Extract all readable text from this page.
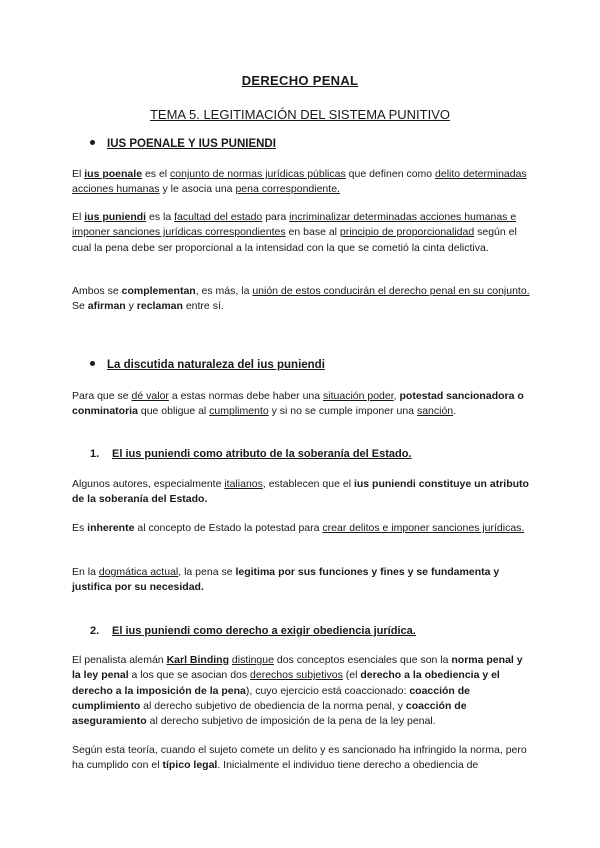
DERECHO PENAL
TEMA 5. LEGITIMACIÓN DEL SISTEMA PUNITIVO
IUS POENALE Y IUS PUNIENDI
El ius poenale es el conjunto de normas jurídicas públicas que definen como delito determinadas acciones humanas y le asocia una pena correspondiente.
El ius puniendi es la facultad del estado para incriminalizar determinadas acciones humanas e imponer sanciones jurídicas correspondientes en base al principio de proporcionalidad según el cual la pena debe ser proporcional a la intensidad con la que se cometió la cinta delictiva.
Ambos se complementan, es más, la unión de estos conducirán el derecho penal en su conjunto. Se afirman y reclaman entre sí.
La discutida naturaleza del ius puniendi
Para que se dé valor a estas normas debe haber una situación poder, potestad sancionadora o conminatoria que obligue al cumplimento y si no se cumple imponer una sanción.
1. El ius puniendi como atributo de la soberanía del Estado.
Algunos autores, especialmente italianos, establecen que el ius puniendi constituye un atributo de la soberanía del Estado.
Es inherente al concepto de Estado la potestad para crear delitos e imponer sanciones jurídicas.
En la dogmática actual, la pena se legitima por sus funciones y fines y se fundamenta y justifica por su necesidad.
2. El ius puniendi como derecho a exigir obediencia jurídica.
El penalista alemán Karl Binding distingue dos conceptos esenciales que son la norma penal y la ley penal a los que se asocian dos derechos subjetivos (el derecho a la obediencia y el derecho a la imposición de la pena), cuyo ejercicio está coaccionado: coacción de cumplimiento al derecho subjetivo de obediencia de la norma penal, y coacción de aseguramiento al derecho subjetivo de imposición de la pena de la ley penal.
Según esta teoría, cuando el sujeto comete un delito y es sancionado ha infringido la norma, pero ha cumplido con el típico legal. Inicialmente el individuo tiene derecho a obediencia de
